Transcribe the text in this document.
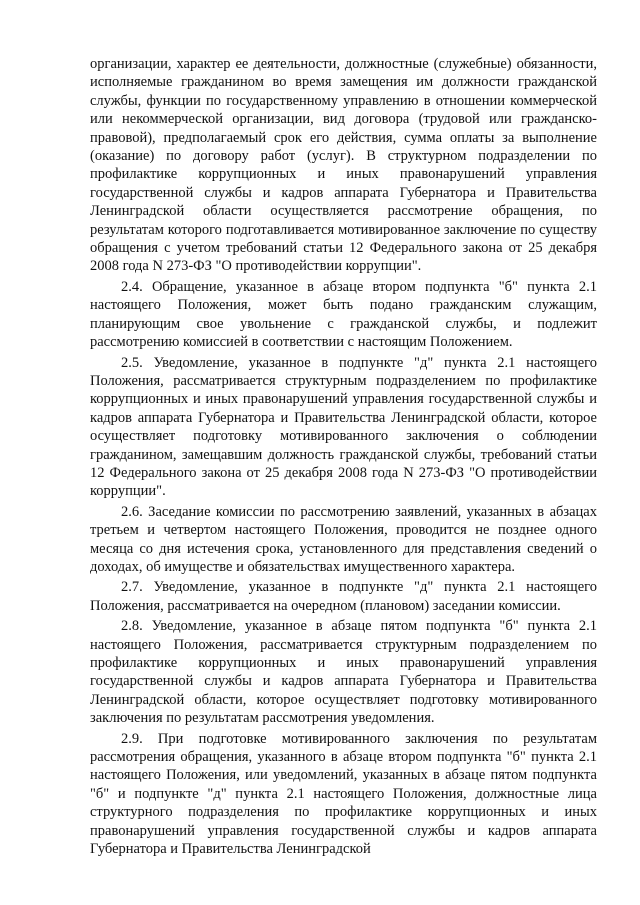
организации, характер ее деятельности, должностные (служебные) обязанности, исполняемые гражданином во время замещения им должности гражданской службы, функции по государственному управлению в отношении коммерческой или некоммерческой организации, вид договора (трудовой или гражданско-правовой), предполагаемый срок его действия, сумма оплаты за выполнение (оказание) по договору работ (услуг). В структурном подразделении по профилактике коррупционных и иных правонарушений управления государственной службы и кадров аппарата Губернатора и Правительства Ленинградской области осуществляется рассмотрение обращения, по результатам которого подготавливается мотивированное заключение по существу обращения с учетом требований статьи 12 Федерального закона от 25 декабря 2008 года N 273-ФЗ "О противодействии коррупции".

2.4. Обращение, указанное в абзаце втором подпункта "б" пункта 2.1 настоящего Положения, может быть подано гражданским служащим, планирующим свое увольнение с гражданской службы, и подлежит рассмотрению комиссией в соответствии с настоящим Положением.

2.5. Уведомление, указанное в подпункте "д" пункта 2.1 настоящего Положения, рассматривается структурным подразделением по профилактике коррупционных и иных правонарушений управления государственной службы и кадров аппарата Губернатора и Правительства Ленинградской области, которое осуществляет подготовку мотивированного заключения о соблюдении гражданином, замещавшим должность гражданской службы, требований статьи 12 Федерального закона от 25 декабря 2008 года N 273-ФЗ "О противодействии коррупции".

2.6. Заседание комиссии по рассмотрению заявлений, указанных в абзацах третьем и четвертом настоящего Положения, проводится не позднее одного месяца со дня истечения срока, установленного для представления сведений о доходах, об имуществе и обязательствах имущественного характера.

2.7. Уведомление, указанное в подпункте "д" пункта 2.1 настоящего Положения, рассматривается на очередном (плановом) заседании комиссии.

2.8. Уведомление, указанное в абзаце пятом подпункта "б" пункта 2.1 настоящего Положения, рассматривается структурным подразделением по профилактике коррупционных и иных правонарушений управления государственной службы и кадров аппарата Губернатора и Правительства Ленинградской области, которое осуществляет подготовку мотивированного заключения по результатам рассмотрения уведомления.

2.9. При подготовке мотивированного заключения по результатам рассмотрения обращения, указанного в абзаце втором подпункта "б" пункта 2.1 настоящего Положения, или уведомлений, указанных в абзаце пятом подпункта "б" и подпункте "д" пункта 2.1 настоящего Положения, должностные лица структурного подразделения по профилактике коррупционных и иных правонарушений управления государственной службы и кадров аппарата Губернатора и Правительства Ленинградской
